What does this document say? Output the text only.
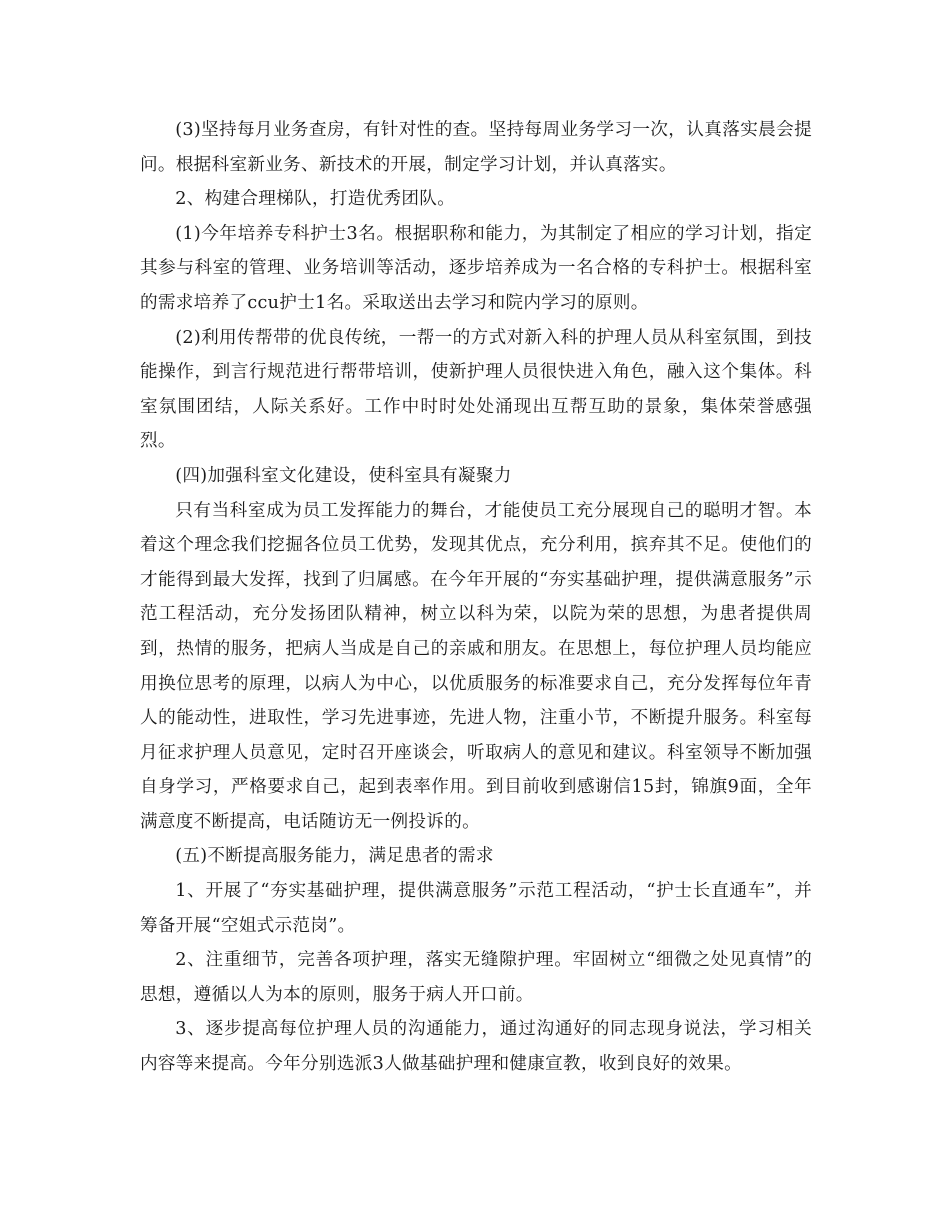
(3)坚持每月业务查房，有针对性的查。坚持每周业务学习一次，认真落实晨会提问。根据科室新业务、新技术的开展，制定学习计划，并认真落实。

2、构建合理梯队，打造优秀团队。

(1)今年培养专科护士3名。根据职称和能力，为其制定了相应的学习计划，指定其参与科室的管理、业务培训等活动，逐步培养成为一名合格的专科护士。根据科室的需求培养了ccu护士1名。采取送出去学习和院内学习的原则。

(2)利用传帮带的优良传统，一帮一的方式对新入科的护理人员从科室氛围，到技能操作，到言行规范进行帮带培训，使新护理人员很快进入角色，融入这个集体。科室氛围团结，人际关系好。工作中时时处处涌现出互帮互助的景象，集体荣誉感强烈。

(四)加强科室文化建设，使科室具有凝聚力

只有当科室成为员工发挥能力的舞台，才能使员工充分展现自己的聪明才智。本着这个理念我们挖掘各位员工优势，发现其优点，充分利用，摈弃其不足。使他们的才能得到最大发挥，找到了归属感。在今年开展的“夯实基础护理，提供满意服务”示范工程活动，充分发扬团队精神，树立以科为荣，以院为荣的思想，为患者提供周到，热情的服务，把病人当成是自己的亲戚和朋友。在思想上，每位护理人员均能应用换位思考的原理，以病人为中心，以优质服务的标准要求自己，充分发挥每位年青人的能动性，进取性，学习先进事迹，先进人物，注重小节，不断提升服务。科室每月征求护理人员意见，定时召开座谈会，听取病人的意见和建议。科室领导不断加强自身学习，严格要求自己，起到表率作用。到目前收到感谢信15封，锦旗9面，全年满意度不断提高，电话随访无一例投诉的。

(五)不断提高服务能力，满足患者的需求

1、开展了“夯实基础护理，提供满意服务”示范工程活动，“护士长直通车”，并筹备开展“空姐式示范岗”。

2、注重细节，完善各项护理，落实无缝隙护理。牢固树立“细微之处见真情”的思想，遵循以人为本的原则，服务于病人开口前。

3、逐步提高每位护理人员的沟通能力，通过沟通好的同志现身说法，学习相关内容等来提高。今年分别选派3人做基础护理和健康宣教，收到良好的效果。
